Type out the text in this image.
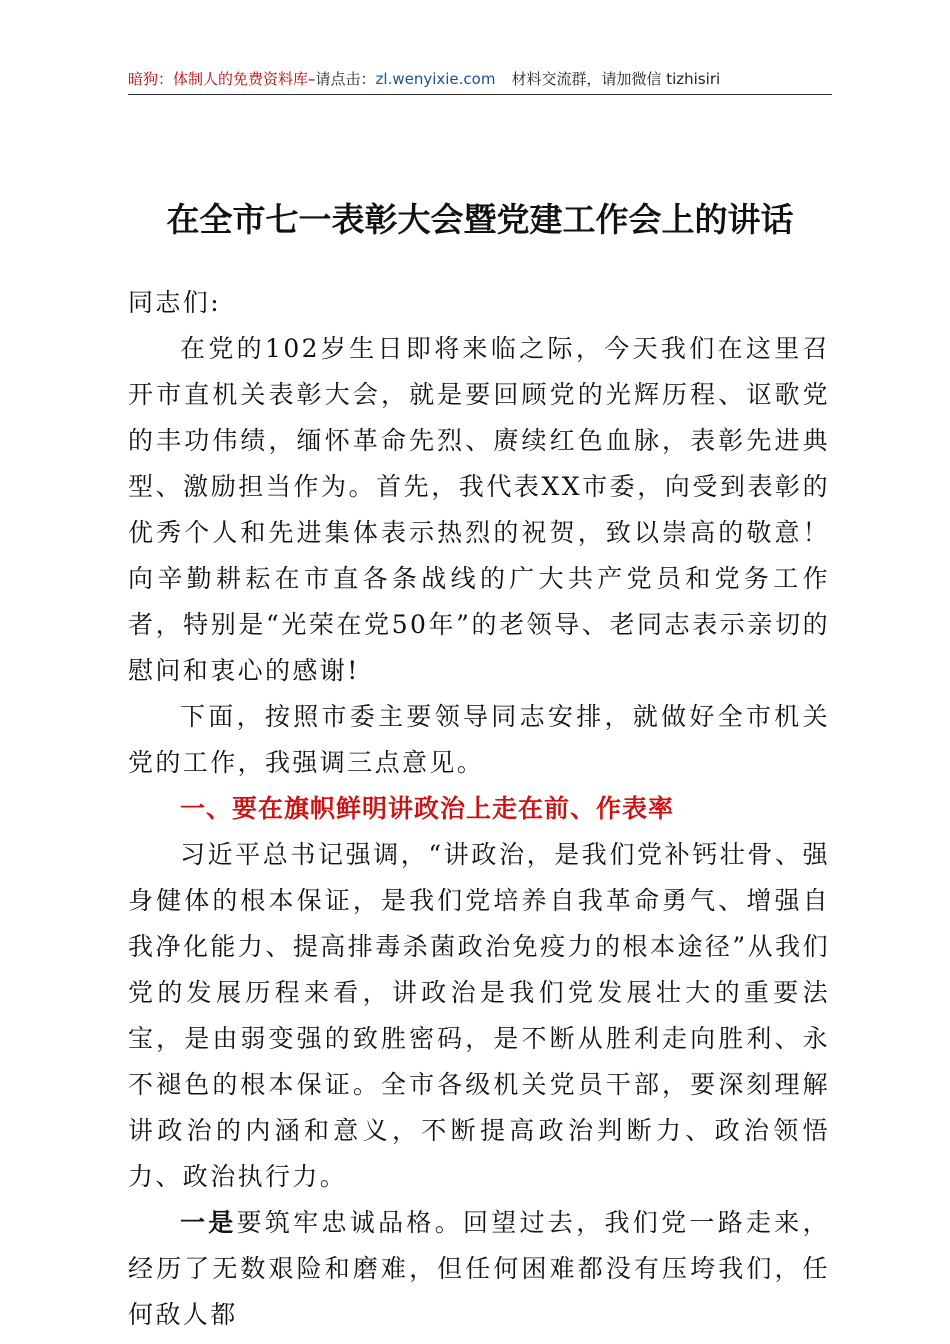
暗狗：体制人的免费资料库–请点击：zl.wenyixie.com 材料交流群，请加微信 tizhisiri
在全市七一表彰大会暨党建工作会上的讲话

同志们:

在党的102岁生日即将来临之际，今天我们在这里召开市直机关表彰大会，就是要回顾党的光辉历程、讴歌党的丰功伟绩，缅怀革命先烈、赓续红色血脉，表彰先进典型、激励担当作为。首先，我代表XX市委，向受到表彰的优秀个人和先进集体表示热烈的祝贺，致以崇高的敬意！向辛勤耕耘在市直各条战线的广大共产党员和党务工作者，特别是“光荣在党50年”的老领导、老同志表示亲切的慰问和衷心的感谢!

下面，按照市委主要领导同志安排，就做好全市机关党的工作，我强调三点意见。

一、要在旗帜鲜明讲政治上走在前、作表率

习近平总书记强调，“讲政治，是我们党补钙壮骨、强身健体的根本保证，是我们党培养自我革命勇气、增强自我净化能力、提高排毒杀菌政治免疫力的根本途径”从我们党的发展历程来看，讲政治是我们党发展壮大的重要法宝，是由弱变强的致胜密码，是不断从胜利走向胜利、永不褪色的根本保证。全市各级机关党员干部，要深刻理解讲政治的内涵和意义，不断提高政治判断力、政治领悟力、政治执行力。

一是要筑牢忠诚品格。回望过去，我们党一路走来，经历了无数艰险和磨难，但任何困难都没有压垮我们，任何敌人都
